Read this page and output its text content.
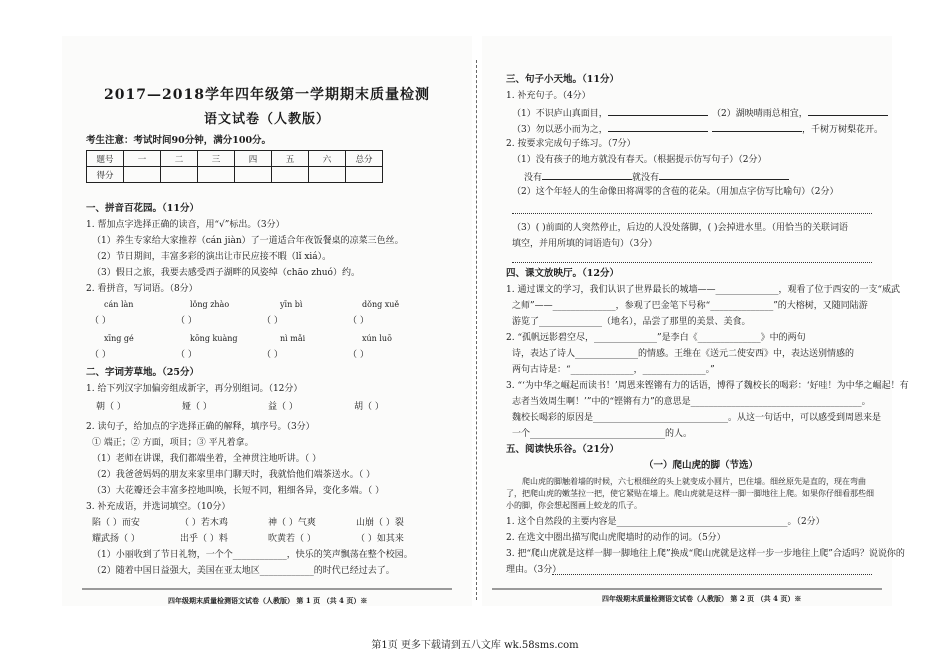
2017—2018学年四年级第一学期期末质量检测
语文试卷（人教版）
考生注意：考试时间90分钟，满分100分。
题号	一	二	三	四	五	六	总分
得分							
一、拼音百花园。（11分）
1. 帮加点字选择正确的读音，用“√”标出。（3分）
（1）养生专家给大家推荐（cán jiàn）了一道适合年夜饭餐桌的凉菜三色丝。
（2）节日期间，丰富多彩的演出让市民应接不暇（lǐ xiá）。
（3）假日之旅，我要去感受西子湖畔的风姿绰（chāo zhuó）约。
2. 看拼音，写词语。（8分）
cán làn	lǒng zhào	yīn bì	dǒng xuě
（ ）	（ ）	（ ）	（ ）
xīng gé	kōng kuàng	nì mǎi	xún luō
（ ）	（ ）	（ ）	（ ）
二、字词芳草地。（25分）
1. 给下列汉字加偏旁组成新字，再分别组词。（12分）
朝（ ）	娅（ ）	益（ ）	胡（ ）
2. 读句子，给加点的字选择正确的解释，填序号。（3分）
① 端正；② 方面，项目；③ 平凡着拿。
（1）老师在讲课，我们都端坐着，全神贯注地听讲。（ ）
（2）我爸爸妈妈的朋友来家里串门聊天时，我就恰他们端茶送水。（ ）
（3）大花瓣还会丰富多控地叫唤，长短不同，粗细各异，变化多端。（ ）
3. 补充成语，并选词填空。（10分）
陷（ ）而安	（ ）若木鸡	神（ ）气爽	山崩（ ）裂
耀武扬（ ）	出乎（ ）料	吹黄若（ ）	（ ）如其来
（1）小丽收到了节日礼物，一个个____________，快乐的笑声飘荡在整个校园。
（2）随着中国日益强大，美国在亚太地区____________的时代已经过去了。
四年级期末质量检测语文试卷（人教版） 第 1 页 （共 4 页）※
三、句子小天地。（11分）
1. 补充句子。（4分）
（1）不识庐山真面目，	（2）湖映晴雨总相宜，
（3）勿以恶小而为之，	，千树万树梨花开。
2. 按要求完成句子练习。（7分）
（1）没有孩子的地方就没有春天。（根据提示仿写句子）（2分）
没有	就没有
（2）这个年轻人的生命像田将凋零的含苞的花朵。（用加点字仿写比喻句）（2分）
（3）( )前面的人突然停止，后边的人没处落脚，( )会掉进水里。（用恰当的关联词语
填空，并用所填的词语造句）（3分）
四、课文放映厅。（12分）
1. 通过课文的学习，我们认识了世界最长的城墙——______________，观看了位于西安的一支“威武
之师”——______________，参观了巴金笔下号称“______________”的大榕树，又随同陆游
游览了______________（地名），品尝了那里的美景、美食。
2. “孤帆远影碧空尽，______________”是李白《______________》中的两句
诗，表达了诗人______________的情感。王维在《送元二使安西》中，表达送别情感的
两句古诗是：“______________，______________。”
3. “‘为中华之崛起而读书！’周恩来铿锵有力的话语，博得了魏校长的喝彩：‘好哇！为中华之崛起！有
志者当效周生啊！’”中的“铿锵有力”的意思是______________________________________。
魏校长喝彩的原因是______________________________。从这一句话中，可以感受到周恩来是
一个______________________________的人。
五、阅读快乐谷。（21分）
（一）爬山虎的脚（节选）
爬山虎的脚触着墙的时候，六七根细丝的头上就变成小圆片，巴住墙。细丝原先是直的，现在弯曲了，把爬山虎的嫩茎拉一把，使它紧贴在墙上。爬山虎就是这样一脚一脚地往上爬。如果你仔细看那些细小的脚，你会想起图画上蛟龙的爪子。
1. 这个自然段的主要内容是______________________________________。（2分）
2. 在选文中圈出描写爬山虎爬墙时的动作的词。（5分）
3. 把“爬山虎就是这样一脚一脚地往上爬”换成“爬山虎就是这样一步一步地往上爬”合适吗？说说你的
理由。（3分）
四年级期末质量检测语文试卷（人教版） 第 2 页 （共 4 页）※
第1页 更多下载请到五八文库 wk.58sms.com
